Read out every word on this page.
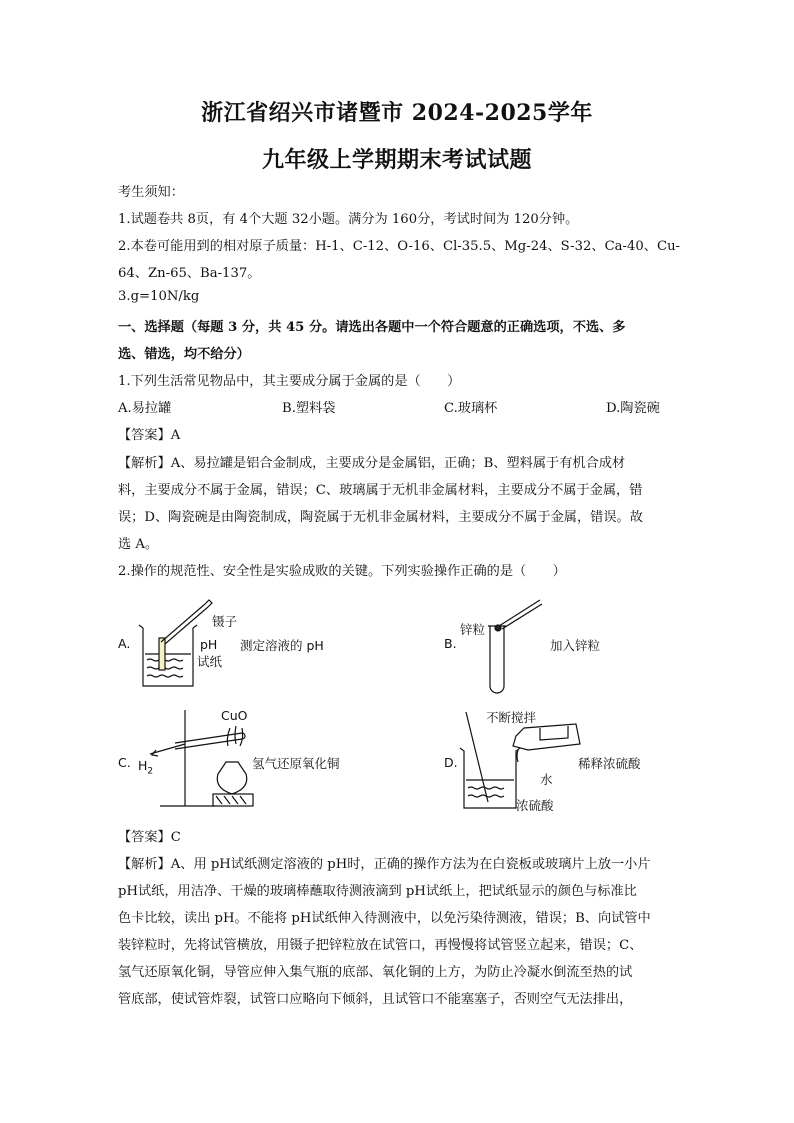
浙江省绍兴市诸暨市 2024-2025学年
九年级上学期期末考试试题
考生须知：
1.试题卷共 8页，有 4个大题 32小题。满分为 160分，考试时间为 120分钟。
2.本卷可能用到的相对原子质量：H-1、C-12、O-16、Cl-35.5、Mg-24、S-32、Ca-40、Cu-
64、Zn-65、Ba-137。
3.g=10N/kg
一、选择题（每题 3 分，共 45 分。请选出各题中一个符合题意的正确选项，不选、多
选、错选，均不给分）
1.下列生活常见物品中，其主要成分属于金属的是（　　）
A.易拉罐	B.塑料袋	C.玻璃杯	D.陶瓷碗
【答案】A
【解析】A、易拉罐是铝合金制成，主要成分是金属铝，正确；B、塑料属于有机合成材
料，主要成分不属于金属，错误；C、玻璃属于无机非金属材料，主要成分不属于金属，错
误；D、陶瓷碗是由陶瓷制成，陶瓷属于无机非金属材料，主要成分不属于金属，错误。故
选 A。
2.操作的规范性、安全性是实验成败的关键。下列实验操作正确的是（　　）
A.
镊子
pH
试纸
测定溶液的 pH	B.
锌粒
加入锌粒
C.
CuO
$H_2$
氢气还原氧化铜	D.
不断搅拌
水
浓硫酸
稀释浓硫酸
【答案】C
【解析】A、用 pH试纸测定溶液的 pH时，正确的操作方法为在白瓷板或玻璃片上放一小片
pH试纸，用洁净、干燥的玻璃棒蘸取待测液滴到 pH试纸上，把试纸显示的颜色与标准比
色卡比较，读出 pH。不能将 pH试纸伸入待测液中，以免污染待测液，错误；B、向试管中
装锌粒时，先将试管横放，用镊子把锌粒放在试管口，再慢慢将试管竖立起来，错误；C、
氢气还原氧化铜，导管应伸入集气瓶的底部、氧化铜的上方，为防止冷凝水倒流至热的试
管底部，使试管炸裂，试管口应略向下倾斜，且试管口不能塞塞子，否则空气无法排出，
